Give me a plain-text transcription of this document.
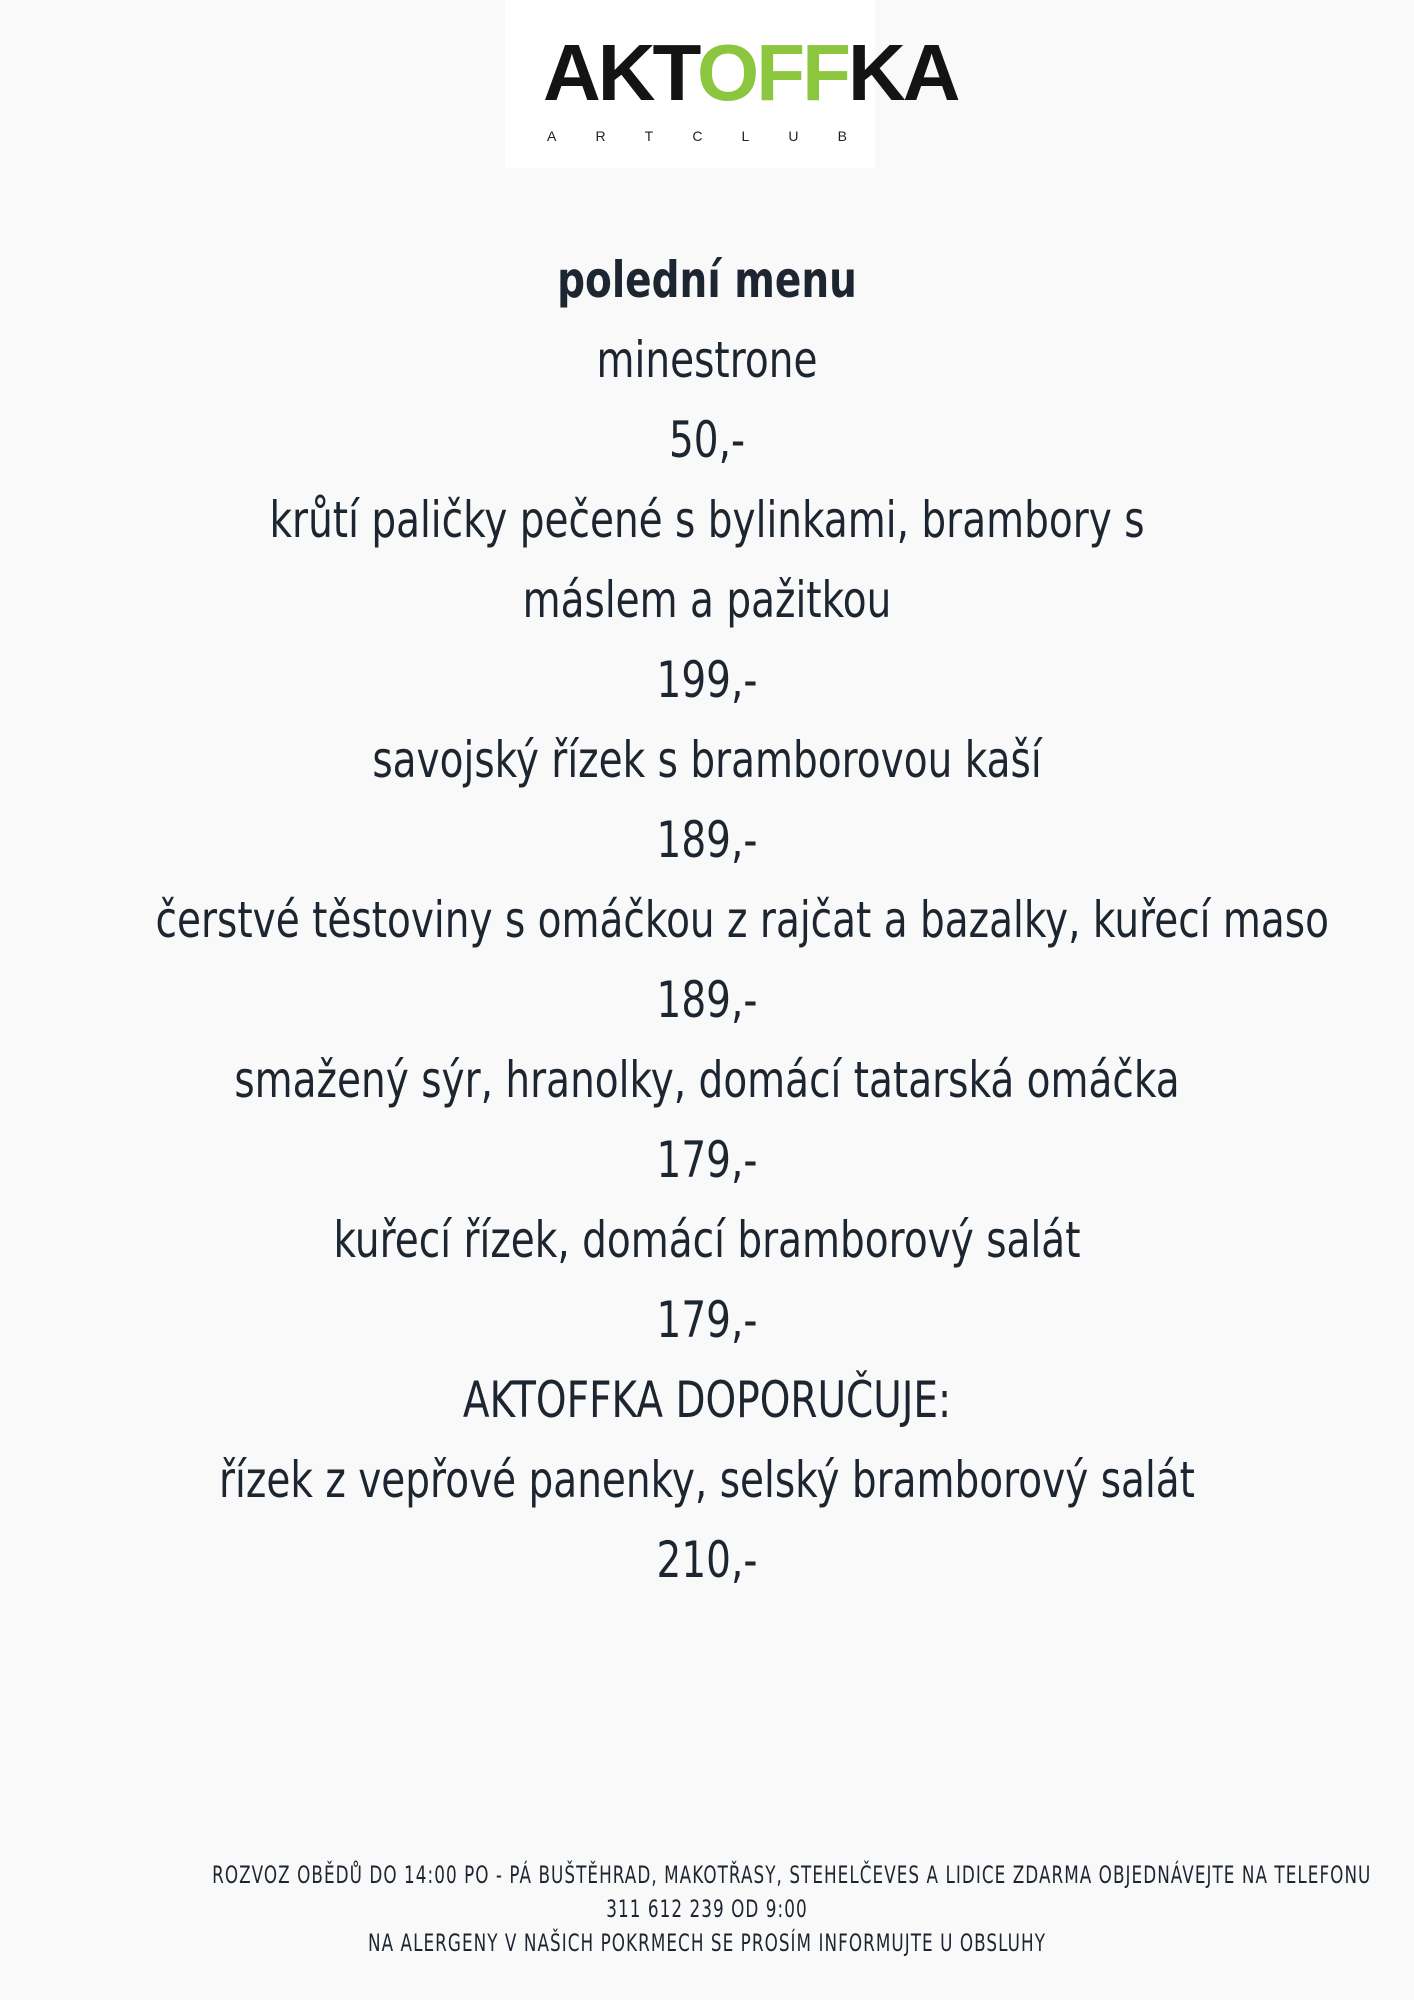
AKTOFFKA
A	R	T	C	L	U	B
polední menu
minestrone
50,-
krůtí paličky pečené s bylinkami, brambory s
máslem a pažitkou
199,-
savojský řízek s bramborovou kaší
189,-
čerstvé těstoviny s omáčkou z rajčat a bazalky, kuřecí maso
189,-
smažený sýr, hranolky, domácí tatarská omáčka
179,-
kuřecí řízek, domácí bramborový salát
179,-
AKTOFFKA DOPORUČUJE:
řízek z vepřové panenky, selský bramborový salát
210,-
ROZVOZ OBĚDŮ DO 14:00 PO - PÁ BUŠTĚHRAD, MAKOTŘASY, STEHELČEVES A LIDICE ZDARMA OBJEDNÁVEJTE NA TELEFONU
311 612 239 OD 9:00
NA ALERGENY V NAŠICH POKRMECH SE PROSÍM INFORMUJTE U OBSLUHY
